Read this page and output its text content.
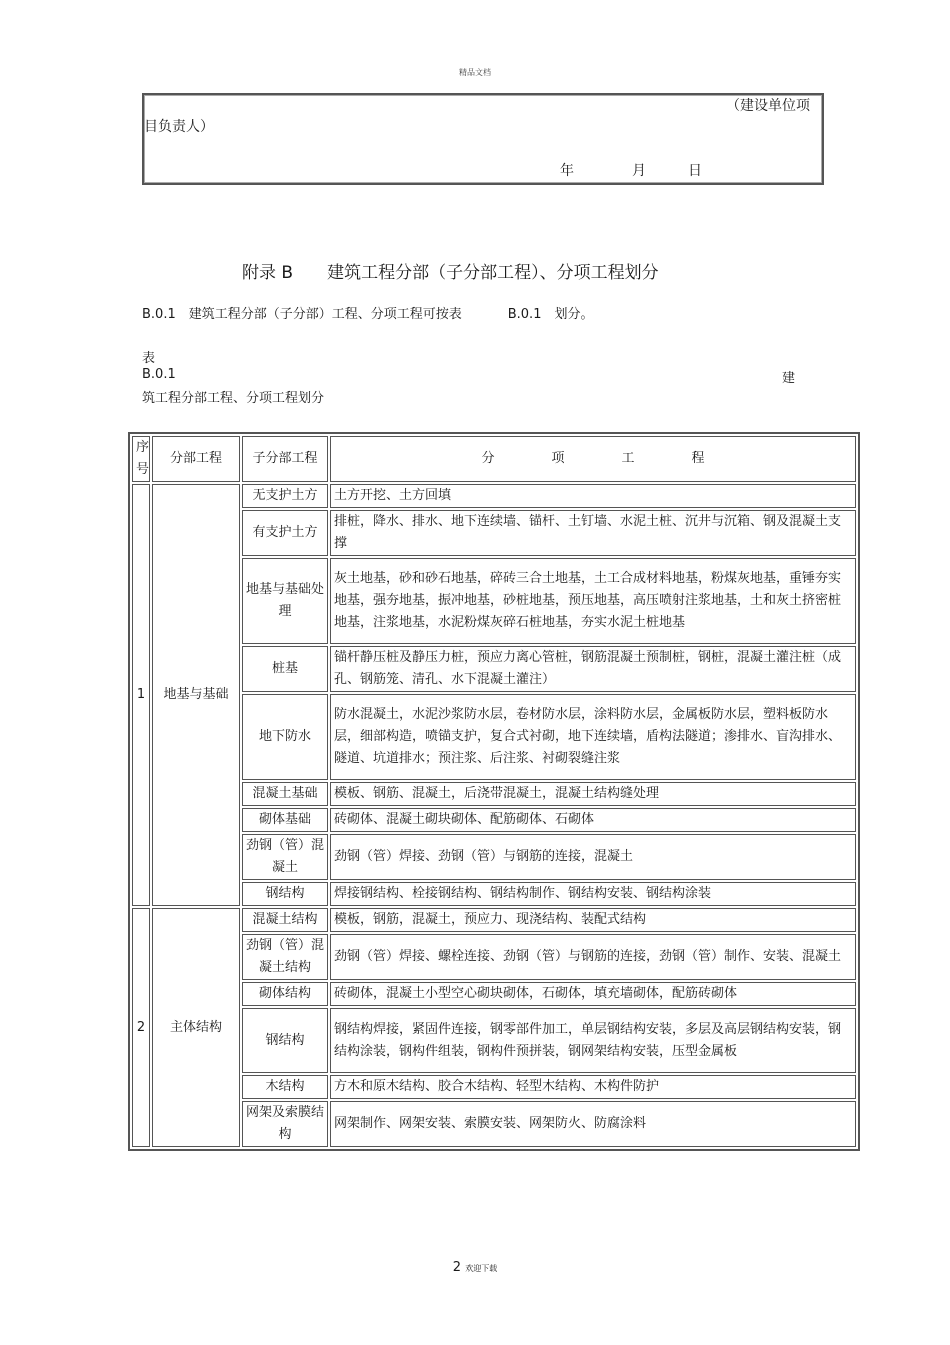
精品文档
（建设单位项
目负责人）
年	月	日
附录 B 建筑工程分部（子分部工程）、分项工程划分
B.0.1　建筑工程分部（子分部）工程、分项工程可按表	B.0.1　划分。
表
B.0.1	建
筑工程分部工程、分项工程划分
序号	分部工程	子分部工程	分 项 工 程
1	地基与基础	无支护土方	土方开挖、土方回填
		有支护土方	排桩，降水、排水、地下连续墙、锚杆、土钉墙、水泥土桩、沉井与沉箱、钢及混凝土支撑
		地基与基础处理	灰土地基，砂和砂石地基，碎砖三合土地基，土工合成材料地基，粉煤灰地基，重锤夯实地基，强夯地基，振冲地基，砂桩地基，预压地基，高压喷射注浆地基，土和灰土挤密桩地基，注浆地基，水泥粉煤灰碎石桩地基，夯实水泥土桩地基
		桩基	锚杆静压桩及静压力桩，预应力离心管桩，钢筋混凝土预制桩，钢桩，混凝土灌注桩（成孔、钢筋笼、清孔、水下混凝土灌注）
		地下防水	防水混凝土，水泥沙浆防水层，卷材防水层，涂料防水层，金属板防水层，塑料板防水层，细部构造，喷锚支护，复合式衬砌，地下连续墙，盾构法隧道；渗排水、盲沟排水、隧道、坑道排水；预注浆、后注浆、衬砌裂缝注浆
		混凝土基础	模板、钢筋、混凝土，后浇带混凝土，混凝土结构缝处理
		砌体基础	砖砌体、混凝土砌块砌体、配筋砌体、石砌体
		劲钢（管）混凝土	劲钢（管）焊接、劲钢（管）与钢筋的连接，混凝土
		钢结构	焊接钢结构、栓接钢结构、钢结构制作、钢结构安装、钢结构涂装
2	主体结构	混凝土结构	模板，钢筋，混凝土，预应力、现浇结构、装配式结构
		劲钢（管）混凝土结构	劲钢（管）焊接、螺栓连接、劲钢（管）与钢筋的连接，劲钢（管）制作、安装、混凝土
		砌体结构	砖砌体，混凝土小型空心砌块砌体，石砌体，填充墙砌体，配筋砖砌体
		钢结构	钢结构焊接，紧固件连接，钢零部件加工，单层钢结构安装，多层及高层钢结构安装，钢结构涂装，钢构件组装，钢构件预拼装，钢网架结构安装，压型金属板
		木结构	方木和原木结构、胶合木结构、轻型木结构、木构件防护
		网架及索膜结构	网架制作、网架安装、索膜安装、网架防火、防腐涂料
2 欢迎下载
